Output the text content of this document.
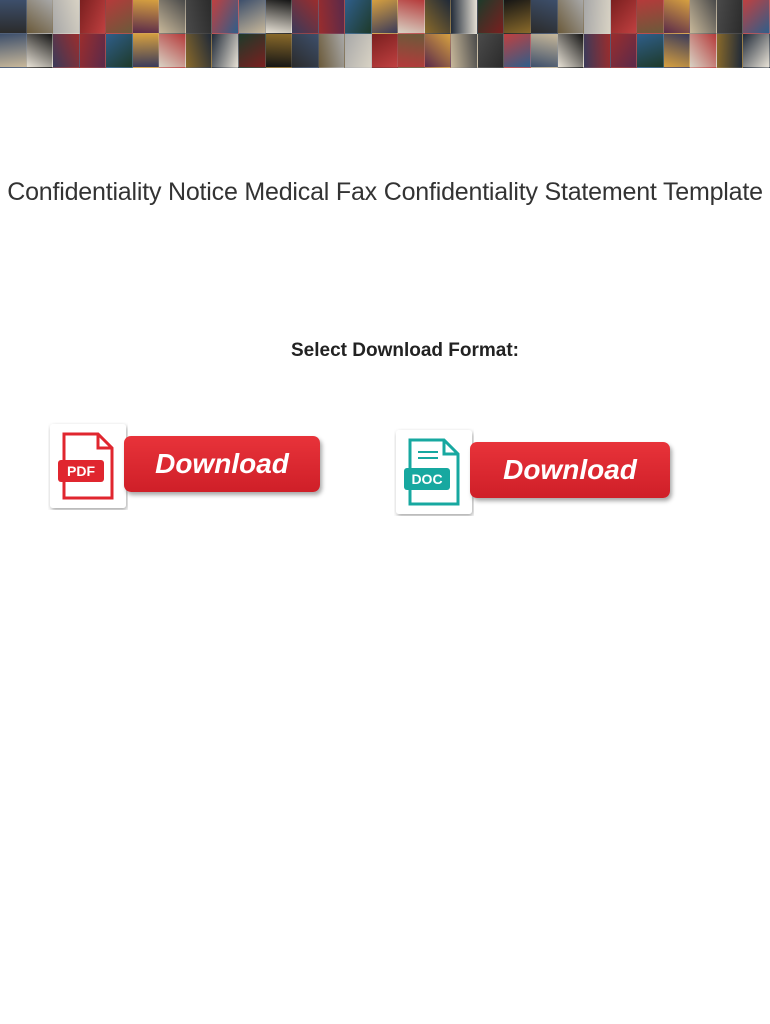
Confidentiality Notice Medical Fax Confidentiality Statement Template
Select Download Format:
PDF Download	DOC Download
